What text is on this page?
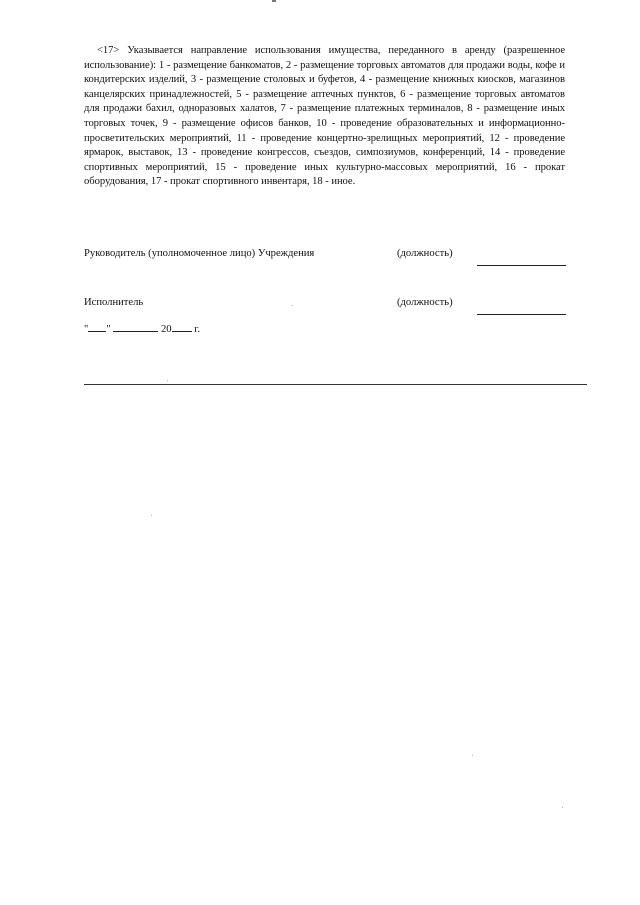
<17> Указывается направление использования имущества, переданного в аренду (разрешенное использование): 1 - размещение банкоматов, 2 - размещение торговых автоматов для продажи воды, кофе и кондитерских изделий, 3 - размещение столовых и буфетов, 4 - размещение книжных киосков, магазинов канцелярских принадлежностей, 5 - размещение аптечных пунктов, 6 - размещение торговых автоматов для продажи бахил, одноразовых халатов, 7 - размещение платежных терминалов, 8 - размещение иных торговых точек, 9 - размещение офисов банков, 10 - проведение образовательных и информационно-просветительских мероприятий, 11 - проведение концертно-зрелищных мероприятий, 12 - проведение ярмарок, выставок, 13 - проведение конгрессов, съездов, симпозиумов, конференций, 14 - проведение спортивных мероприятий, 15 - проведение иных культурно-массовых мероприятий, 16 - прокат оборудования, 17 - прокат спортивного инвентаря, 18 - иное.

Руководитель (уполномоченное лицо) Учреждения	(должность)
Исполнитель	(должность)
" "	20 г.
